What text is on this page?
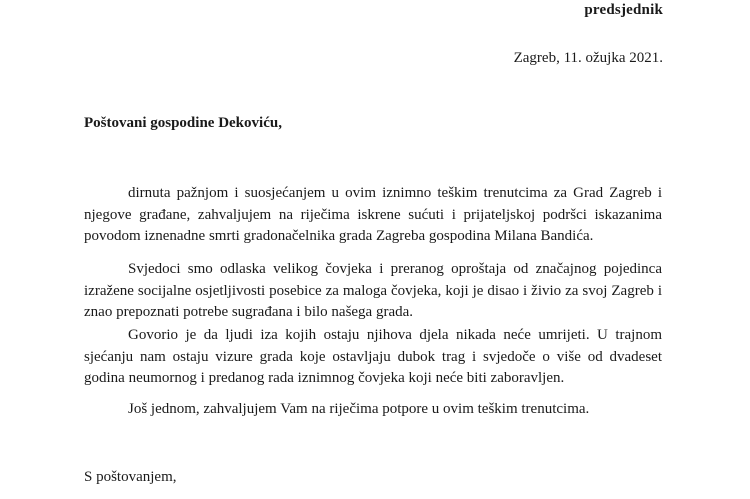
predsjednik
Zagreb, 11. ožujka 2021.
Poštovani gospodine Dekoviću,

dirnuta pažnjom i suosjećanjem u ovim iznimno teškim trenutcima za Grad Zagreb i njegove građane, zahvaljujem na riječima iskrene sućuti i prijateljskoj podršci iskazanima povodom iznenadne smrti gradonačelnika grada Zagreba gospodina Milana Bandića.

Svjedoci smo odlaska velikog čovjeka i preranog oproštaja od značajnog pojedinca izražene socijalne osjetljivosti posebice za maloga čovjeka, koji je disao i živio za svoj Zagreb i znao prepoznati potrebe sugrađana i bilo našega grada.

Govorio je da ljudi iza kojih ostaju njihova djela nikada neće umrijeti. U trajnom sjećanju nam ostaju vizure grada koje ostavljaju dubok trag i svjedoče o više od dvadeset godina neumornog i predanog rada iznimnog čovjeka koji neće biti zaboravljen.

Još jednom, zahvaljujem Vam na riječima potpore u ovim teškim trenutcima.

S poštovanjem,
